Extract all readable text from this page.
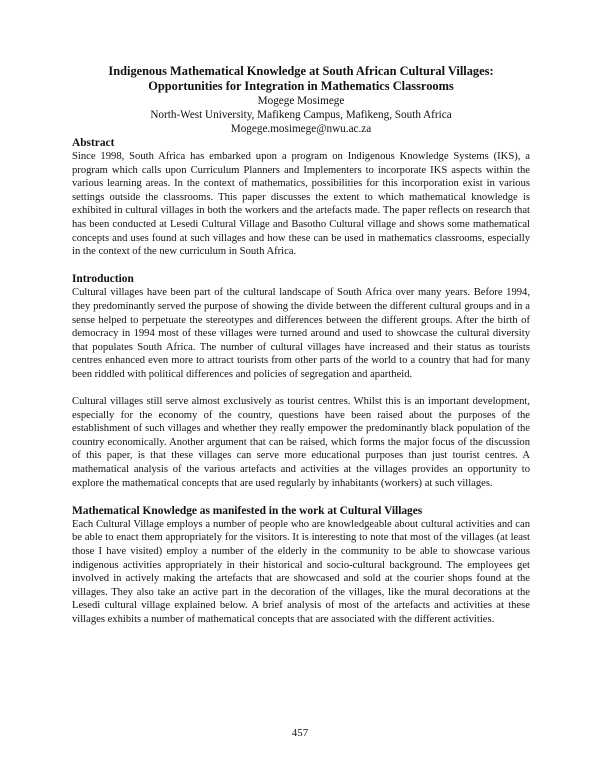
Indigenous Mathematical Knowledge at South African Cultural Villages:

Opportunities for Integration in Mathematics Classrooms

Mogege Mosimege

North-West University, Mafikeng Campus, Mafikeng, South Africa

Mogege.mosimege@nwu.ac.za

Abstract

Since 1998, South Africa has embarked upon a program on Indigenous Knowledge Systems (IKS), a program which calls upon Curriculum Planners and Implementers to incorporate IKS aspects within the various learning areas. In the context of mathematics, possibilities for this incorporation exist in various settings outside the classrooms. This paper discusses the extent to which mathematical knowledge is exhibited in cultural villages in both the workers and the artefacts made. The paper reflects on research that has been conducted at Lesedi Cultural Village and Basotho Cultural village and shows some mathematical concepts and uses found at such villages and how these can be used in mathematics classrooms, especially in the context of the new curriculum in South Africa.

Introduction

Cultural villages have been part of the cultural landscape of South Africa over many years. Before 1994, they predominantly served the purpose of showing the divide between the different cultural groups and in a sense helped to perpetuate the stereotypes and differences between the different groups. After the birth of democracy in 1994 most of these villages were turned around and used to showcase the cultural diversity that populates South Africa. The number of cultural villages have increased and their status as tourists centres enhanced even more to attract tourists from other parts of the world to a country that had for many been riddled with political differences and policies of segregation and apartheid.

Cultural villages still serve almost exclusively as tourist centres. Whilst this is an important development, especially for the economy of the country, questions have been raised about the purposes of the establishment of such villages and whether they really empower the predominantly black population of the country economically. Another argument that can be raised, which forms the major focus of the discussion of this paper, is that these villages can serve more educational purposes than just tourist centres. A mathematical analysis of the various artefacts and activities at the villages provides an opportunity to explore the mathematical concepts that are used regularly by inhabitants (workers) at such villages.

Mathematical Knowledge as manifested in the work at Cultural Villages

Each Cultural Village employs a number of people who are knowledgeable about cultural activities and can be able to enact them appropriately for the visitors. It is interesting to note that most of the villages (at least those I have visited) employ a number of the elderly in the community to be able to showcase various indigenous activities appropriately in their historical and socio-cultural background. The employees get involved in actively making the artefacts that are showcased and sold at the courier shops found at the villages. They also take an active part in the decoration of the villages, like the mural decorations at the Lesedi cultural village explained below. A brief analysis of most of the artefacts and activities at these villages exhibits a number of mathematical concepts that are associated with the different activities.

457
